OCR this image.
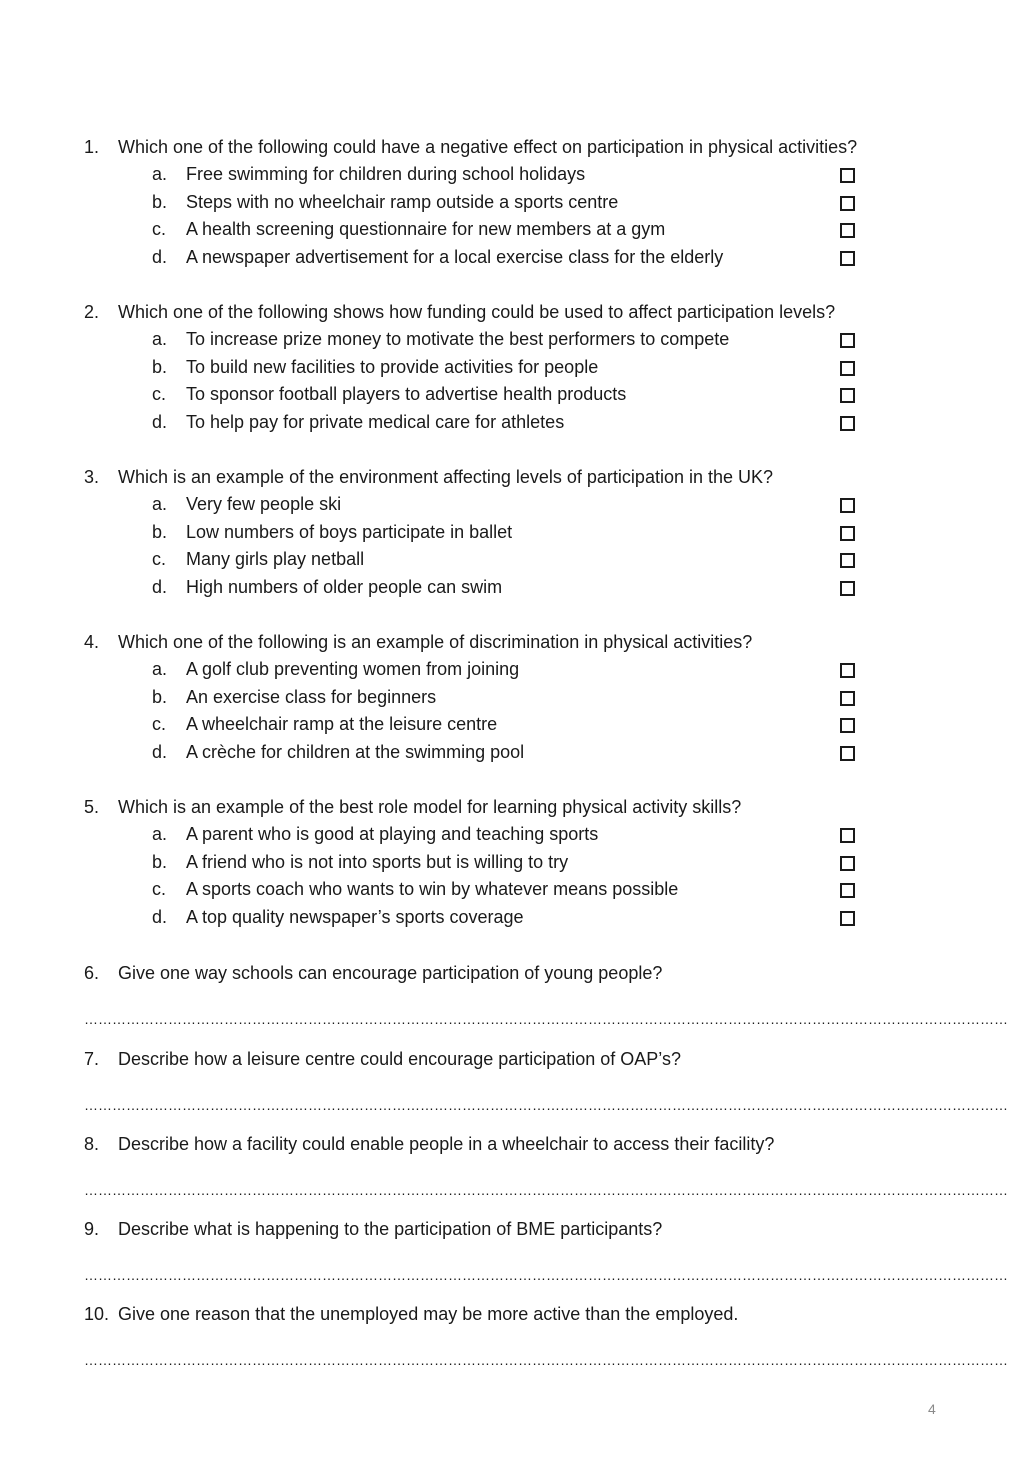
1. Which one of the following could have a negative effect on participation in physical activities?
a. Free swimming for children during school holidays
b. Steps with no wheelchair ramp outside a sports centre
c. A health screening questionnaire for new members at a gym
d. A newspaper advertisement for a local exercise class for the elderly
2. Which one of the following shows how funding could be used to affect participation levels?
a. To increase prize money to motivate the best performers to compete
b. To build new facilities to provide activities for people
c. To sponsor football players to advertise health products
d. To help pay for private medical care for athletes
3. Which is an example of the environment affecting levels of participation in the UK?
a. Very few people ski
b. Low numbers of boys participate in ballet
c. Many girls play netball
d. High numbers of older people can swim
4. Which one of the following is an example of discrimination in physical activities?
a. A golf club preventing women from joining
b. An exercise class for beginners
c. A wheelchair ramp at the leisure centre
d. A crèche for children at the swimming pool
5. Which is an example of the best role model for learning physical activity skills?
a. A parent who is good at playing and teaching sports
b. A friend who is not into sports but is willing to try
c. A sports coach who wants to win by whatever means possible
d. A top quality newspaper’s sports coverage
6. Give one way schools can encourage participation of young people?
………………………………………………………………………………………………………………………………………………………………………………
7. Describe how a leisure centre could encourage participation of OAP’s?
………………………………………………………………………………………………………………………………………………………………………………
8. Describe how a facility could enable people in a wheelchair to access their facility?
………………………………………………………………………………………………………………………………………………………………………………
9. Describe what is happening to the participation of BME participants?
………………………………………………………………………………………………………………………………………………………………………………
10. Give one reason that the unemployed may be more active than the employed.
………………………………………………………………………………………………………………………………………………………………………………
4
